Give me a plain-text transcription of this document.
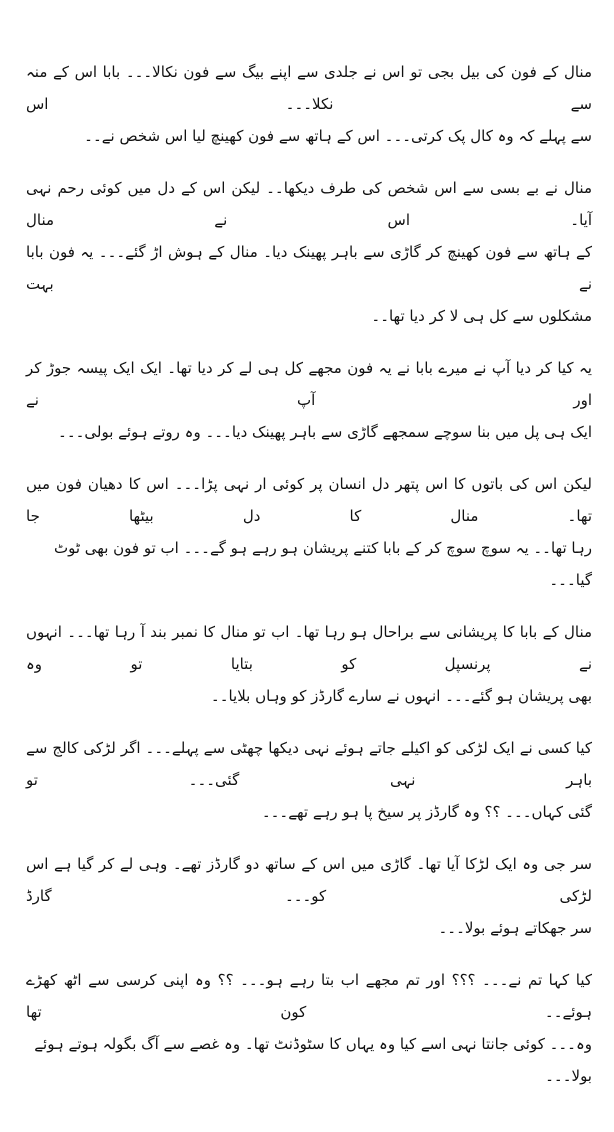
منال کے فون کی بیل بجی تو اس نے جلدی سے اپنے بیگ سے فون نکالا۔۔۔ بابا اس کے منہ سے نکلا۔۔۔ اس
سے پہلے کہ وہ کال پک کرتی۔۔۔ اس کے ہاتھ سے فون کھینچ لیا اس شخص نے۔۔
منال نے بے بسی سے اس شخص کی طرف دیکھا۔۔ لیکن اس کے دل میں کوئی رحم نہی آیا۔ اس نے منال
کے ہاتھ سے فون کھینچ کر گاڑی سے باہر پھینک دیا۔ منال کے ہوش اڑ گئے۔۔۔ یہ فون بابا نے بہت
مشکلوں سے کل ہی لا کر دیا تھا۔۔
یہ کیا کر دیا آپ نے میرے بابا نے یہ فون مجھے کل ہی لے کر دیا تھا۔ ایک ایک پیسہ جوڑ کر اور آپ نے
ایک ہی پل میں بنا سوچے سمجھے گاڑی سے باہر پھینک دیا۔۔۔ وہ روتے ہوئے بولی۔۔۔
لیکن اس کی باتوں کا اس پتھر دل انسان پر کوئی ار نہی پڑا۔۔۔ اس کا دھیان فون میں تھا۔ منال کا دل بیٹھا جا
رہا تھا۔۔ یہ سوچ سوچ کر کے بابا کتنے پریشان ہو رہے ہو گے۔۔۔ اب تو فون بھی ٹوٹ گیا۔۔۔
منال کے بابا کا پریشانی سے براحال ہو رہا تھا۔ اب تو منال کا نمبر بند آ رہا تھا۔۔۔ انہوں نے پرنسپل کو بتایا تو وہ
بھی پریشان ہو گئے۔۔۔ انہوں نے سارے گارڈز کو وہاں بلایا۔۔
کیا کسی نے ایک لڑکی کو اکیلے جاتے ہوئے نہی دیکھا چھٹی سے پہلے۔۔۔ اگر لڑکی کالج سے باہر نہی گئی۔۔۔ تو
گئی کہاں۔۔۔ ؟؟ وہ گارڈز پر سیخ پا ہو رہے تھے۔۔۔
سر جی وہ ایک لڑکا آیا تھا۔ گاڑی میں اس کے ساتھ دو گارڈز تھے۔ وہی لے کر گیا ہے اس لڑکی کو۔۔۔ گارڈ
سر جھکاتے ہوئے بولا۔۔۔
کیا کہا تم نے۔۔۔ ؟؟؟ اور تم مجھے اب بتا رہے ہو۔۔۔ ؟؟ وہ اپنی کرسی سے اٹھ کھڑے ہوئے۔۔ کون تھا
وہ۔۔۔ کوئی جانتا نہی اسے کیا وہ یہاں کا سٹوڈنٹ تھا۔ وہ غصے سے آگ بگولہ ہوتے ہوئے بولا۔۔۔
